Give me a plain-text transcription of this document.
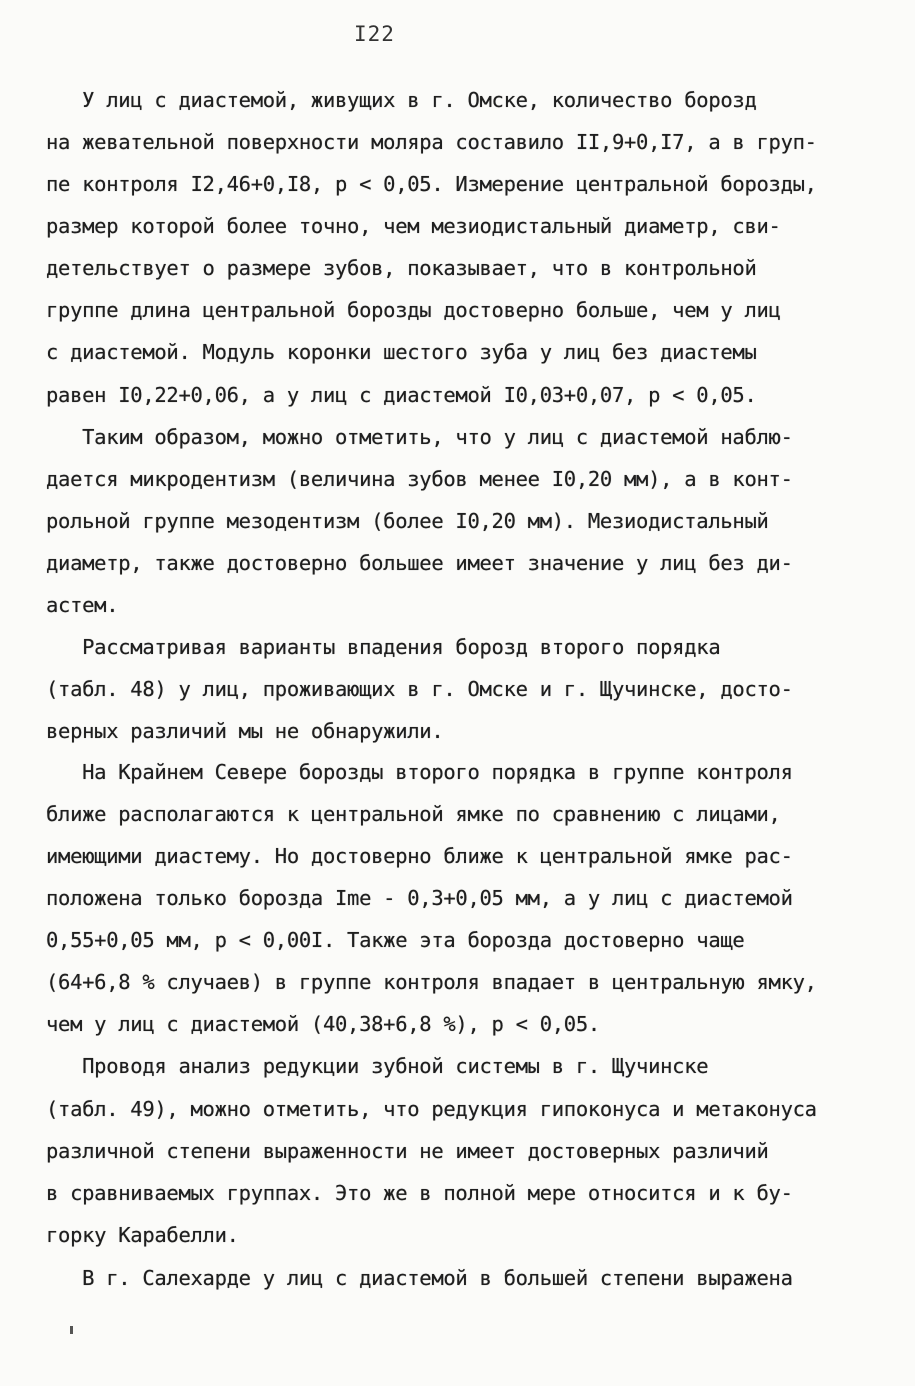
I22
У лиц с диастемой, живущих в г. Омске, количество борозд
на жевательной поверхности моляра составило II,9+0,I7, а в груп-
пе контроля I2,46+0,I8, р < 0,05. Измерение центральной борозды,
размер которой более точно, чем мезиодистальный диаметр, сви-
детельствует о размере зубов, показывает, что в контрольной
группе длина центральной борозды достоверно больше, чем у лиц
с диастемой. Модуль коронки шестого зуба у лиц без диастемы
равен I0,22+0,06, а у лиц с диастемой I0,03+0,07, р < 0,05.
Таким образом, можно отметить, что у лиц с диастемой наблю-
дается микродентизм (величина зубов менее I0,20 мм), а в конт-
рольной группе мезодентизм (более I0,20 мм). Мезиодистальный
диаметр, также достоверно большее имеет значение у лиц без ди-
астем.
Рассматривая варианты впадения борозд второго порядка
(табл. 48) у лиц, проживающих в г. Омске и г. Щучинске, досто-
верных различий мы не обнаружили.
На Крайнем Севере борозды второго порядка в группе контроля
ближе располагаются к центральной ямке по сравнению с лицами,
имеющими диастему. Но достоверно ближе к центральной ямке рас-
положена только борозда Ime - 0,3+0,05 мм, а у лиц с диастемой
0,55+0,05 мм, р < 0,00I. Также эта борозда достоверно чаще
(64+6,8 % случаев) в группе контроля впадает в центральную ямку,
чем у лиц с диастемой (40,38+6,8 %), р < 0,05.
Проводя анализ редукции зубной системы в г. Щучинске
(табл. 49), можно отметить, что редукция гипоконуса и метаконуса
различной степени выраженности не имеет достоверных различий
в сравниваемых группах. Это же в полной мере относится и к бу-
горку Карабелли.
В г. Салехарде у лиц с диастемой в большей степени выражена
